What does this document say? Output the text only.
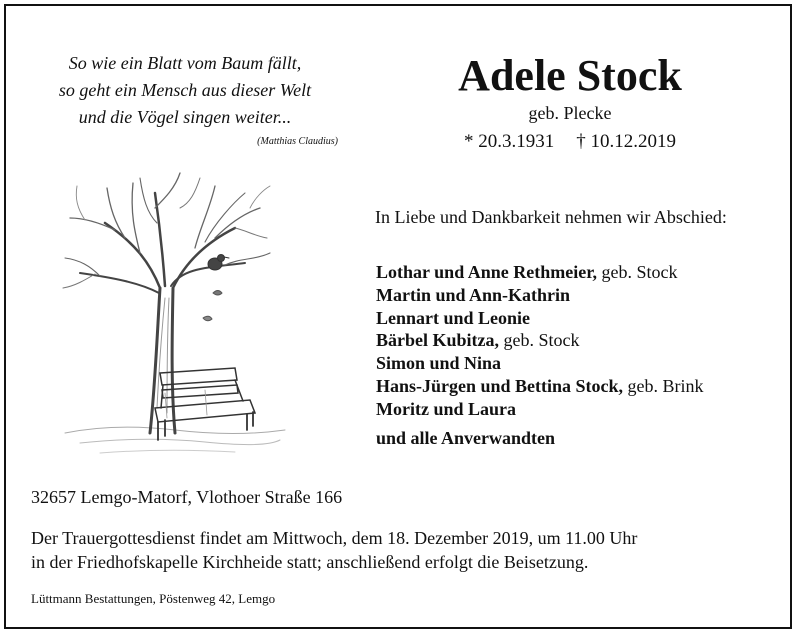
So wie ein Blatt vom Baum fällt,
so geht ein Mensch aus dieser Welt
und die Vögel singen weiter...
(Matthias Claudius)
Adele Stock
geb. Plecke
* 20.3.1931 † 10.12.2019
In Liebe und Dankbarkeit nehmen wir Abschied:
Lothar und Anne Rethmeier, geb. Stock
Martin und Ann-Kathrin
Lennart und Leonie
Bärbel Kubitza, geb. Stock
Simon und Nina
Hans-Jürgen und Bettina Stock, geb. Brink
Moritz und Laura
und alle Anverwandten
32657 Lemgo-Matorf, Vlothoer Straße 166
Der Trauergottesdienst findet am Mittwoch, dem 18. Dezember 2019, um 11.00 Uhr
in der Friedhofskapelle Kirchheide statt; anschließend erfolgt die Beisetzung.
Lüttmann Bestattungen, Pöstenweg 42, Lemgo
